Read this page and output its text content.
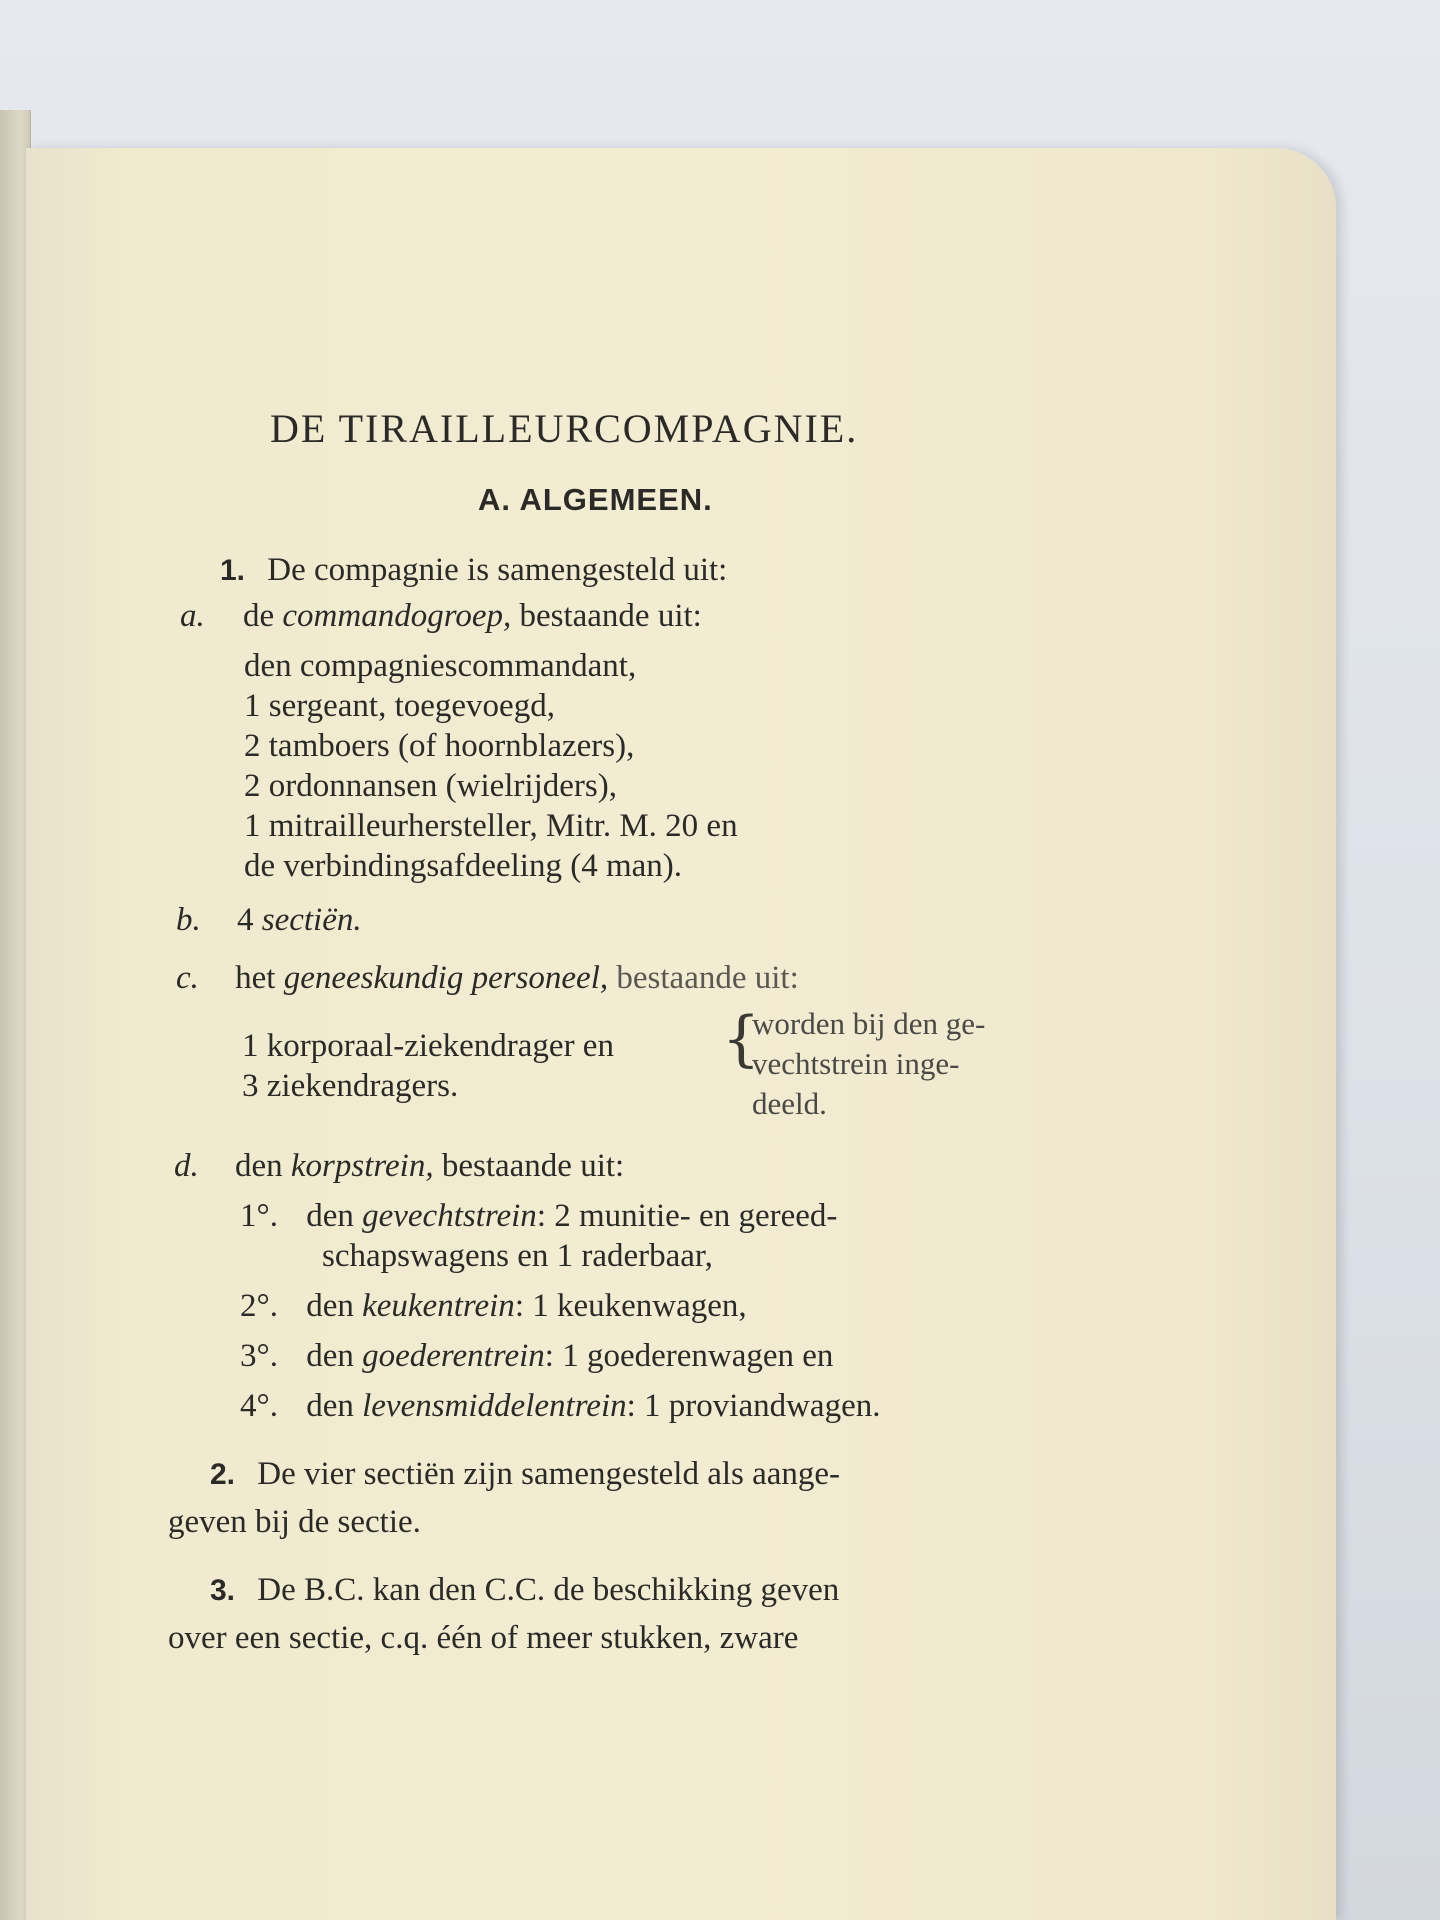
DE TIRAILLEURCOMPAGNIE.
A. ALGEMEEN.
1. De compagnie is samengesteld uit:
a. de commandogroep, bestaande uit:
den compagniescommandant,
1 sergeant, toegevoegd,
2 tamboers (of hoornblazers),
2 ordonnansen (wielrijders),
1 mitrailleurhersteller, Mitr. M. 20 en
de verbindingsafdeeling (4 man).
b. 4 sectiën.
c. het geneeskundig personeel, bestaande uit:
1 korporaal-ziekendrager en
3 ziekendragers.
{
worden bij den ge-
vechtstrein inge-
deeld.
d. den korpstrein, bestaande uit:
1°. den gevechtstrein: 2 munitie- en gereed-
schapswagens en 1 raderbaar,
2°. den keukentrein: 1 keukenwagen,
3°. den goederentrein: 1 goederenwagen en
4°. den levensmiddelentrein: 1 proviandwagen.
2. De vier sectiën zijn samengesteld als aange-
geven bij de sectie.
3. De B.C. kan den C.C. de beschikking geven
over een sectie, c.q. één of meer stukken, zware
